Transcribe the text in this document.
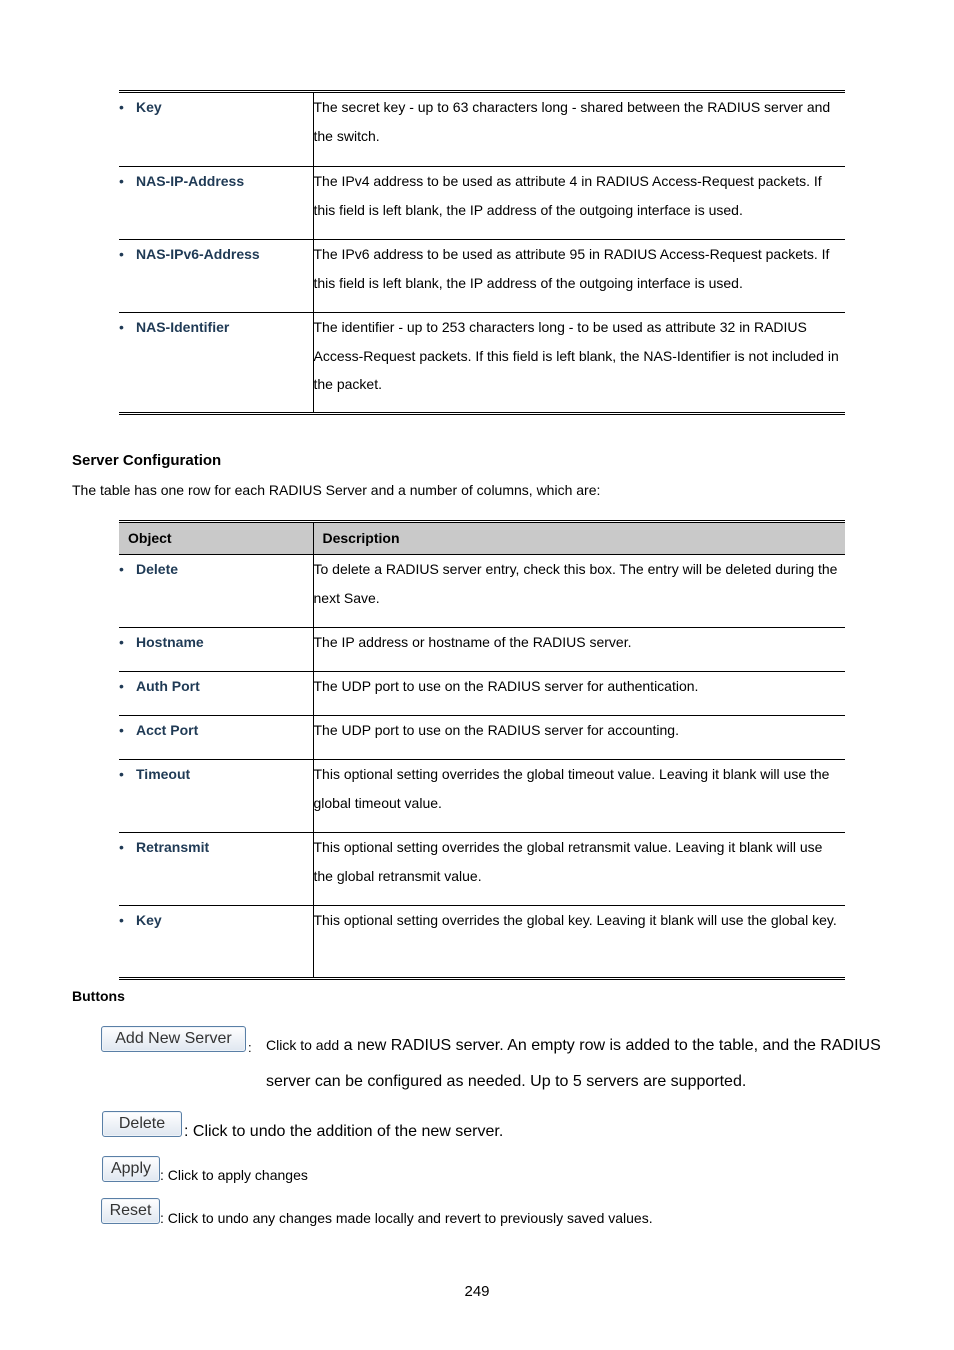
• Key	The secret key - up to 63 characters long - shared between the RADIUS server and the switch.
• NAS-IP-Address	The IPv4 address to be used as attribute 4 in RADIUS Access-Request packets. If this field is left blank, the IP address of the outgoing interface is used.
• NAS-IPv6-Address	The IPv6 address to be used as attribute 95 in RADIUS Access-Request packets. If this field is left blank, the IP address of the outgoing interface is used.
• NAS-Identifier	The identifier - up to 253 characters long - to be used as attribute 32 in RADIUS Access-Request packets. If this field is left blank, the NAS-Identifier is not included in the packet.
Server Configuration
The table has one row for each RADIUS Server and a number of columns, which are:
Object	Description
• Delete	To delete a RADIUS server entry, check this box. The entry will be deleted during the next Save.
• Hostname	The IP address or hostname of the RADIUS server.
• Auth Port	The UDP port to use on the RADIUS server for authentication.
• Acct Port	The UDP port to use on the RADIUS server for accounting.
• Timeout	This optional setting overrides the global timeout value. Leaving it blank will use the global timeout value.
• Retransmit	This optional setting overrides the global retransmit value. Leaving it blank will use the global retransmit value.
• Key	This optional setting overrides the global key. Leaving it blank will use the global key.
Buttons
Add New Server
: Click to add a new RADIUS server. An empty row is added to the table, and the RADIUS
server can be configured as needed. Up to 5 servers are supported.
Delete	: Click to undo the addition of the new server.
Apply : Click to apply changes
Reset : Click to undo any changes made locally and revert to previously saved values.
249
